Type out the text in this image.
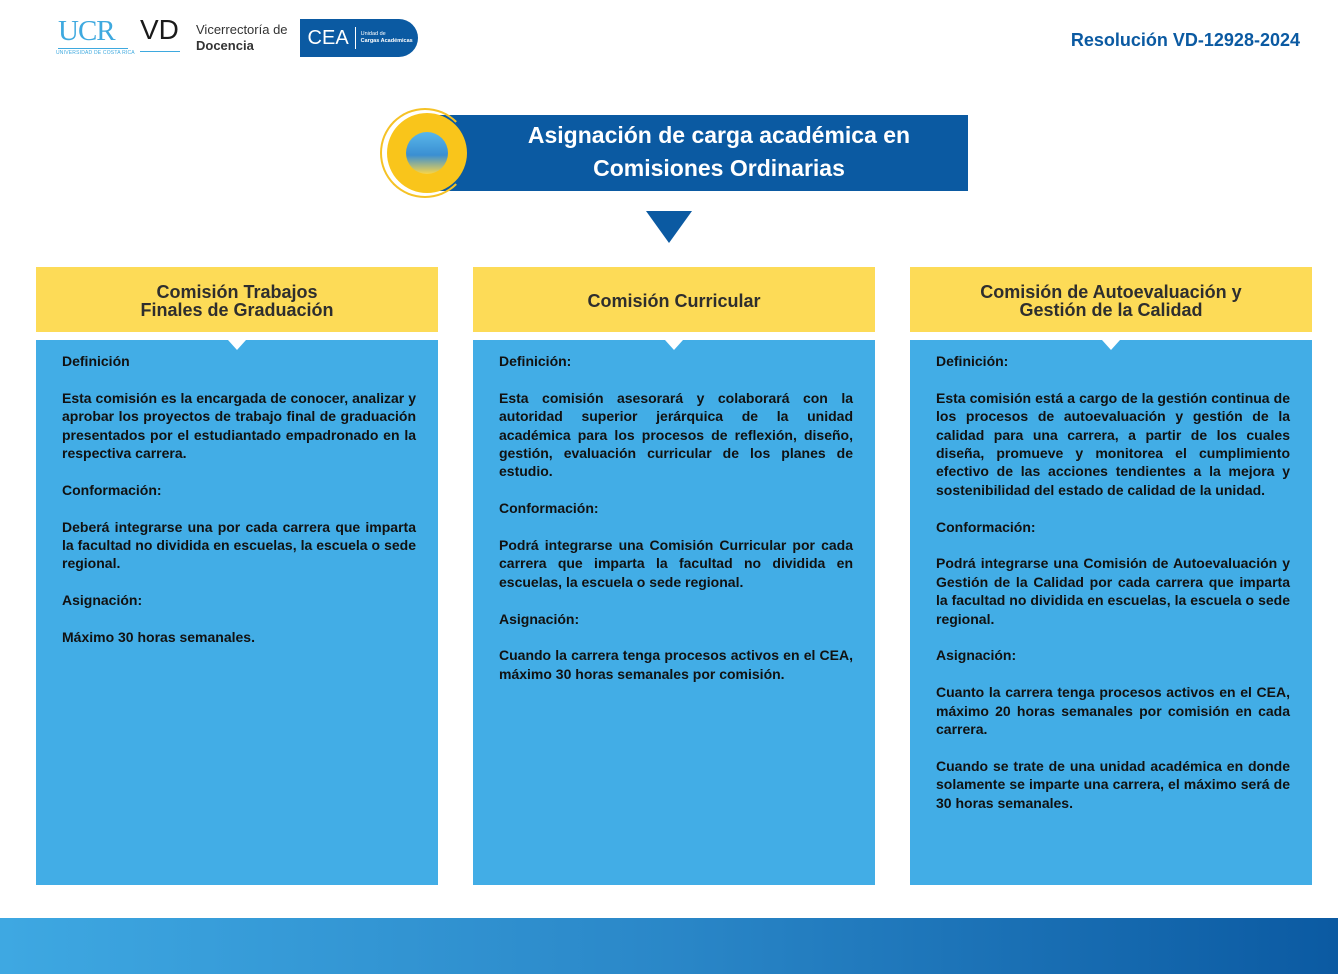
UCR
UNIVERSIDAD DE COSTA RICA
VD Vicerrectoría de
Docencia	CEA Unidad de
Cargas Académicas	Resolución VD-12928-2024
Asignación de carga académica en
Comisiones Ordinarias
Comisión Trabajos
Finales de Graduación

Definición

Esta comisión es la encargada de conocer, analizar y aprobar los proyectos de trabajo final de graduación presentados por el estudiantado empadronado en la respectiva carrera.

Conformación:

Deberá integrarse una por cada carrera que imparta la facultad no dividida en escuelas, la escuela o sede regional.

Asignación:

Máximo 30 horas semanales.

Comisión Curricular

Definición:

Esta comisión asesorará y colaborará con la autoridad superior jerárquica de la unidad académica para los procesos de reflexión, diseño, gestión, evaluación curricular de los planes de estudio.

Conformación:

Podrá integrarse una Comisión Curricular por cada carrera que imparta la facultad no dividida en escuelas, la escuela o sede regional.

Asignación:

Cuando la carrera tenga procesos activos en el CEA, máximo 30 horas semanales por comisión.

Comisión de Autoevaluación y
Gestión de la Calidad

Definición:

Esta comisión está a cargo de la gestión continua de los procesos de autoevaluación y gestión de la calidad para una carrera, a partir de los cuales diseña, promueve y monitorea el cumplimiento efectivo de las acciones tendientes a la mejora y sostenibilidad del estado de calidad de la unidad.

Conformación:

Podrá integrarse una Comisión de Autoevaluación y Gestión de la Calidad por cada carrera que imparta la facultad no dividida en escuelas, la escuela o sede regional.

Asignación:

Cuanto la carrera tenga procesos activos en el CEA, máximo 20 horas semanales por comisión en cada carrera.

Cuando se trate de una unidad académica en donde solamente se imparte una carrera, el máximo será de 30 horas semanales.
